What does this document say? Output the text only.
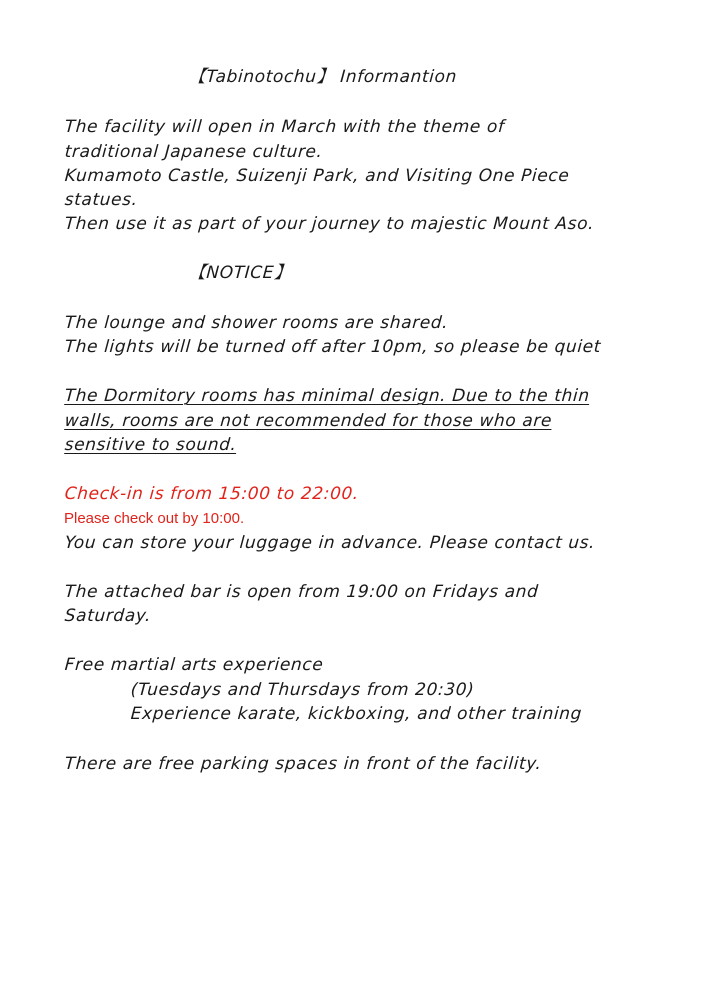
【Tabinotochu】 Informantion
The facility will open in March with the theme of
traditional Japanese culture.
Kumamoto Castle, Suizenji Park, and Visiting One Piece
statues.
Then use it as part of your journey to majestic Mount Aso.
【NOTICE】
The lounge and shower rooms are shared.
The lights will be turned off after 10pm, so please be quiet
The Dormitory rooms has minimal design. Due to the thin
walls, rooms are not recommended for those who are
sensitive to sound.
Check-in is from 15:00 to 22:00.
Please check out by 10:00.
You can store your luggage in advance. Please contact us.
The attached bar is open from 19:00 on Fridays and
Saturday.
Free martial arts experience
(Tuesdays and Thursdays from 20:30)
Experience karate, kickboxing, and other training
There are free parking spaces in front of the facility.
